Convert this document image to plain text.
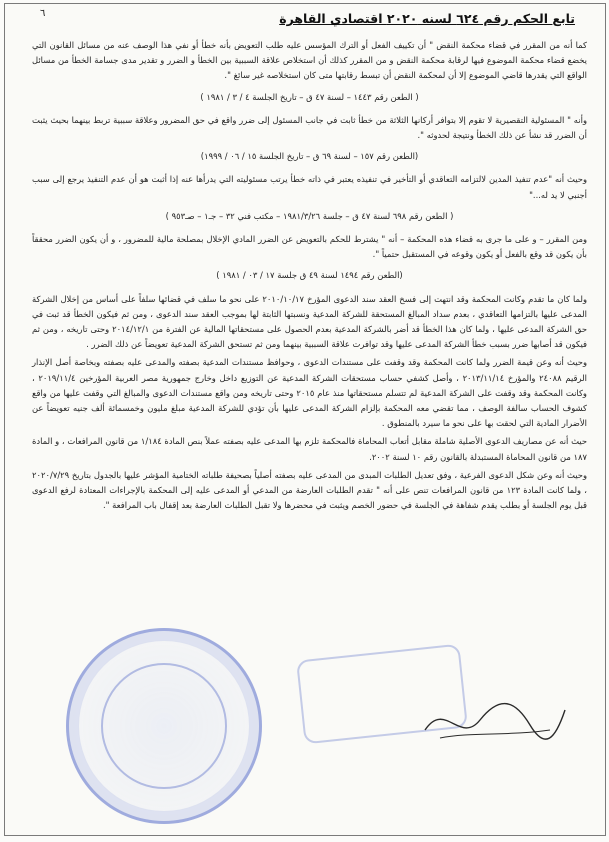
٦	تابع الحكم رقم ٦٢٤ لسنه ٢٠٢٠ اقتصادي القاهرة

كما أنه من المقرر في قضاء محكمة النقض " أن تكييف الفعل أو الترك المؤسس عليه طلب التعويض بأنه خطأ أو نفي هذا الوصف عنه من مسائل القانون التي يخضع قضاء محكمة الموضوع فيها لرقابة محكمة النقض و من المقرر كذلك أن استخلاص علاقة السببية بين الخطأ و الضرر و تقدير مدى جسامة الخطأ من مسائل الواقع التي يقدرها قاضي الموضوع إلا أن لمحكمة النقض أن تبسط رقابتها متى كان استخلاصه غير سائغ ".

( الطعن رقم ١٤٤٣ – لسنة ٤٧ ق – تاريخ الجلسة ٤ / ٣ / ١٩٨١ )

وأنه " المسئولية التقصيرية لا تقوم إلا بتوافر أركانها الثلاثة من خطأ ثابت في جانب المسئول إلى ضرر واقع في حق المضرور وعلاقة سببية تربط بينهما بحيث يثبت أن الضرر قد نشأ عن ذلك الخطأ ونتيجة لحدوثه ".

(الطعن رقم ١٥٧ – لسنة ٦٩ ق – تاريخ الجلسة ١٥ / ٠٦ / ١٩٩٩)

وحيث أنه "عدم تنفيذ المدين لالتزامه التعاقدي أو التأخير في تنفيذه يعتبر في ذاته خطأ يرتب مسئوليته التي يدرأها عنه إذا أثبت هو أن عدم التنفيذ يرجع إلى سبب أجنبي لا يد له..."

( الطعن رقم ٦٩٨ لسنة ٤٧ ق – جلسة ١٩٨١/٣/٢٦ – مكتب فني ٣٢ – جـ١ – صـ٩٥٣ )

ومن المقرر – و على ما جرى به قضاء هذه المحكمة – أنه " يشترط للحكم بالتعويض عن الضرر المادي الإخلال بمصلحة مالية للمضرور ، و أن يكون الضرر محققاً بأن يكون قد وقع بالفعل أو يكون وقوعه في المستقبل حتمياً ".

(الطعن رقم ١٤٩٤ لسنة ٤٩ ق جلسة ١٧ / ٠٣ / ١٩٨١ )

ولما كان ما تقدم وكانت المحكمة وقد انتهت إلى فسخ العقد سند الدعوى المؤرخ ٢٠١٠/١٠/١٧ على نحو ما سلف في قضائها سلفاً على أساس من إخلال الشركة المدعى عليها بالتزامها التعاقدي ، بعدم سداد المبالغ المستحقة للشركة المدعية ونسبتها الثابتة لها بموجب العقد سند الدعوى ، ومن ثم فيكون الخطأ قد ثبت في حق الشركة المدعى عليها ، ولما كان هذا الخطأ قد أضر بالشركة المدعية بعدم الحصول على مستحقاتها المالية عن الفترة من ٢٠١٤/١٢/١ وحتى تاريخه ، ومن ثم فيكون قد أصابها ضرر بسبب خطأ الشركة المدعى عليها وقد توافرت علاقة السببية بينهما ومن ثم تستحق الشركة المدعية تعويضاً عن ذلك الضرر .

وحيث أنه وعن قيمة الضرر ولما كانت المحكمة وقد وقفت على مستندات الدعوى ، وحوافظ مستندات المدعية بصفته والمدعى عليه بصفته وبخاصة أصل الإنذار الرقيم ٢٤٠٨٨ والمؤرخ ٢٠١٣/١١/١٤ ، وأصل كشفي حساب مستحقات الشركة المدعية عن التوزيع داخل وخارج جمهورية مصر العربية المؤرخين ٢٠١٩/١١/٤ ، وكانت المحكمة وقد وقفت على الشركة المدعية لم تتسلم مستحقاتها منذ عام ٢٠١٥ وحتى تاريخه ومن واقع مستندات الدعوى والمبالغ التي وقفت عليها من واقع كشوف الحساب سالفة الوصف ، مما تقضي معه المحكمة بإلزام الشركة المدعى عليها بأن تؤدي للشركة المدعية مبلغ مليون وخمسمائة ألف جنيه تعويضاً عن الأضرار المادية التي لحقت بها على نحو ما سيرد بالمنطوق .

حيث أنه عن مصاريف الدعوى الأصلية شاملة مقابل أتعاب المحاماة فالمحكمة تلزم بها المدعى عليه بصفته عملاً بنص المادة ١/١٨٤ من قانون المرافعات ، و المادة ١٨٧ من قانون المحاماة المستبدلة بالقانون رقم ١٠ لسنة ٢٠٠٢.

وحيث أنه وعن شكل الدعوى الفرعية ، وفق تعديل الطلبات المبدى من المدعى عليه بصفته أصلياً بصحيفة طلباته الختامية المؤشر عليها بالجدول بتاريخ ٢٠٢٠/٧/٢٩ ، ولما كانت المادة ١٢٣ من قانون المرافعات تنص على أنه " تقدم الطلبات العارضة من المدعي أو المدعى عليه إلى المحكمة بالإجراءات المعتادة لرفع الدعوى قبل يوم الجلسة أو بطلب يقدم شفاهة في الجلسة في حضور الخصم ويثبت في محضرها ولا تقبل الطلبات العارضة بعد إقفال باب المرافعة ".
